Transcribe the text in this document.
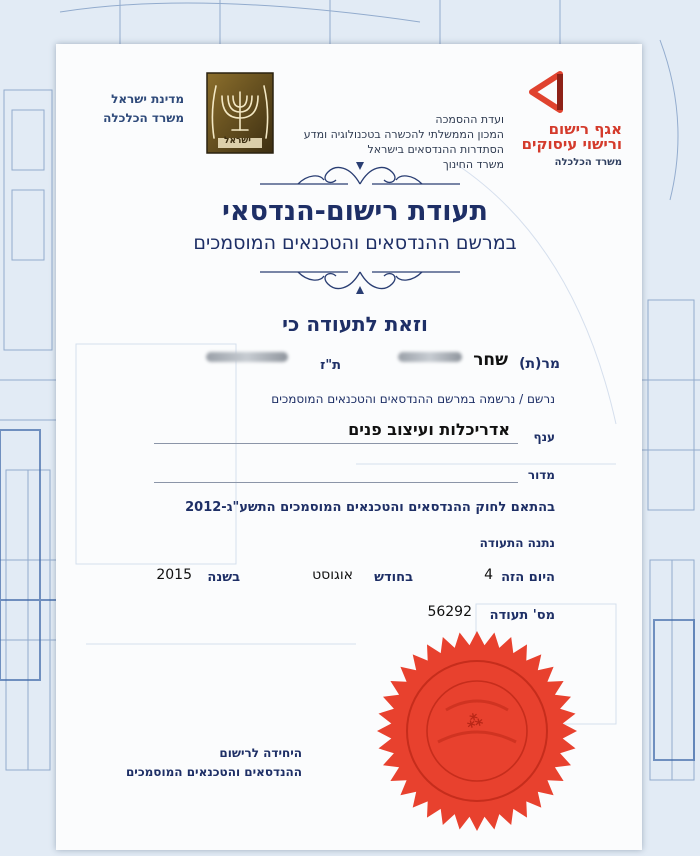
מדינת ישראל
משרד הכלכלה
ישראל
ועדת ההסמכה
המכון הממשלתי להכשרה בטכנולוגיה ומדע
הסתדרות ההנדסאים בישראל
משרד החינוך
אגף רישום
ורישוי עיסוקים
משרד הכלכלה
תעודת רישום-הנדסאי
במרשם ההנדסאים והטכנאים המוסמכים
וזאת לתעודה כי
מר(ת)
שחר
ת"ז
נרשם / נרשמה במרשם ההנדסאים והטכנאים המוסמכים
ענף
אדריכלות ועיצוב פנים
מדור
בהתאם לחוק ההנדסאים והטכנאים המוסמכים התשע"ג-2012
נתנה התעודה
היום הזה
4
בחודש
אוגוסט
בשנה
2015
מס' תעודה
56292
⁂
היחידה לרישום
ההנדסאים והטכנאים המוסמכים
